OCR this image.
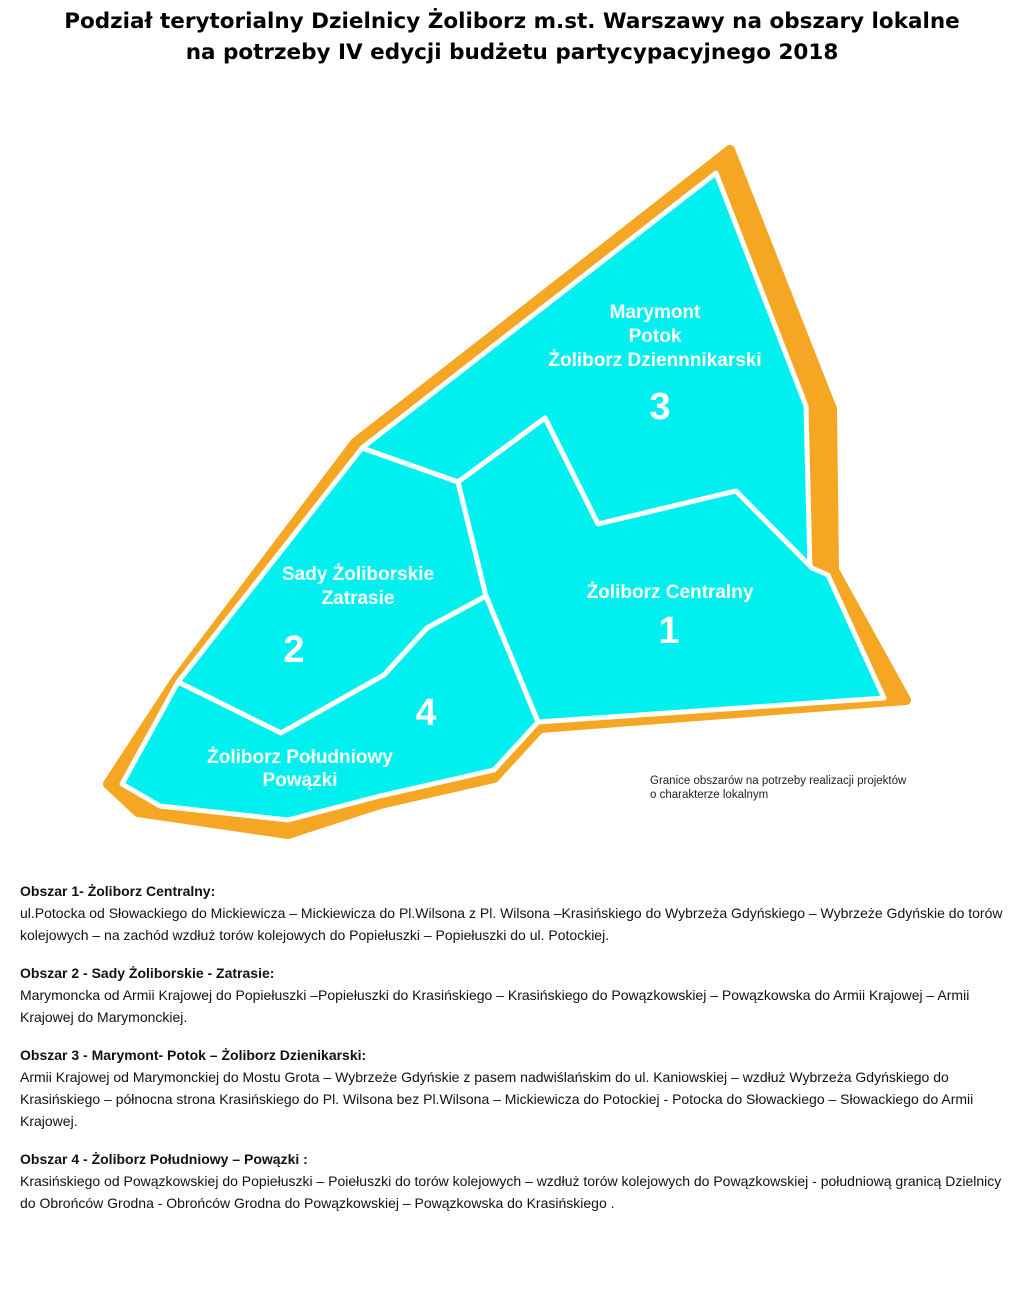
Podział terytorialny Dzielnicy Żoliborz m.st. Warszawy na obszary lokalne
na potrzeby IV edycji budżetu partycypacyjnego 2018
Marymont
Potok
Żoliborz Dziennnikarski
3
Sady Żoliborskie
Zatrasie
2
Żoliborz Centralny
1
4
Żoliborz Południowy
Powązki	Granice obszarów na potrzeby realizacji projektów
o charakterze lokalnym

Obszar 1- Żoliborz Centralny:

ul.Potocka od Słowackiego do Mickiewicza – Mickiewicza do Pl.Wilsona z Pl. Wilsona –Krasińskiego do Wybrzeża Gdyńskiego – Wybrzeże Gdyńskie do torów kolejowych – na zachód wzdłuż torów kolejowych do Popiełuszki – Popiełuszki do ul. Potockiej.

Obszar 2 - Sady Żoliborskie - Zatrasie:

Marymoncka od Armii Krajowej do Popiełuszki –Popiełuszki do Krasińskiego – Krasińskiego do Powązkowskiej – Powązkowska do Armii Krajowej – Armii Krajowej do Marymonckiej.

Obszar 3 - Marymont- Potok – Żoliborz Dzienikarski:

Armii Krajowej od Marymonckiej do Mostu Grota – Wybrzeże Gdyńskie z pasem nadwiślańskim do ul. Kaniowskiej – wzdłuż Wybrzeża Gdyńskiego do Krasińskiego – północna strona Krasińskiego do Pl. Wilsona bez Pl.Wilsona – Mickiewicza do Potockiej - Potocka do Słowackiego – Słowackiego do Armii Krajowej.

Obszar 4 - Żoliborz Południowy – Powązki :

Krasińskiego od Powązkowskiej do Popiełuszki – Poiełuszki do torów kolejowych – wzdłuż torów kolejowych do Powązkowskiej - południową granicą Dzielnicy do Obrońców Grodna - Obrońców Grodna do Powązkowskiej – Powązkowska do Krasińskiego .
